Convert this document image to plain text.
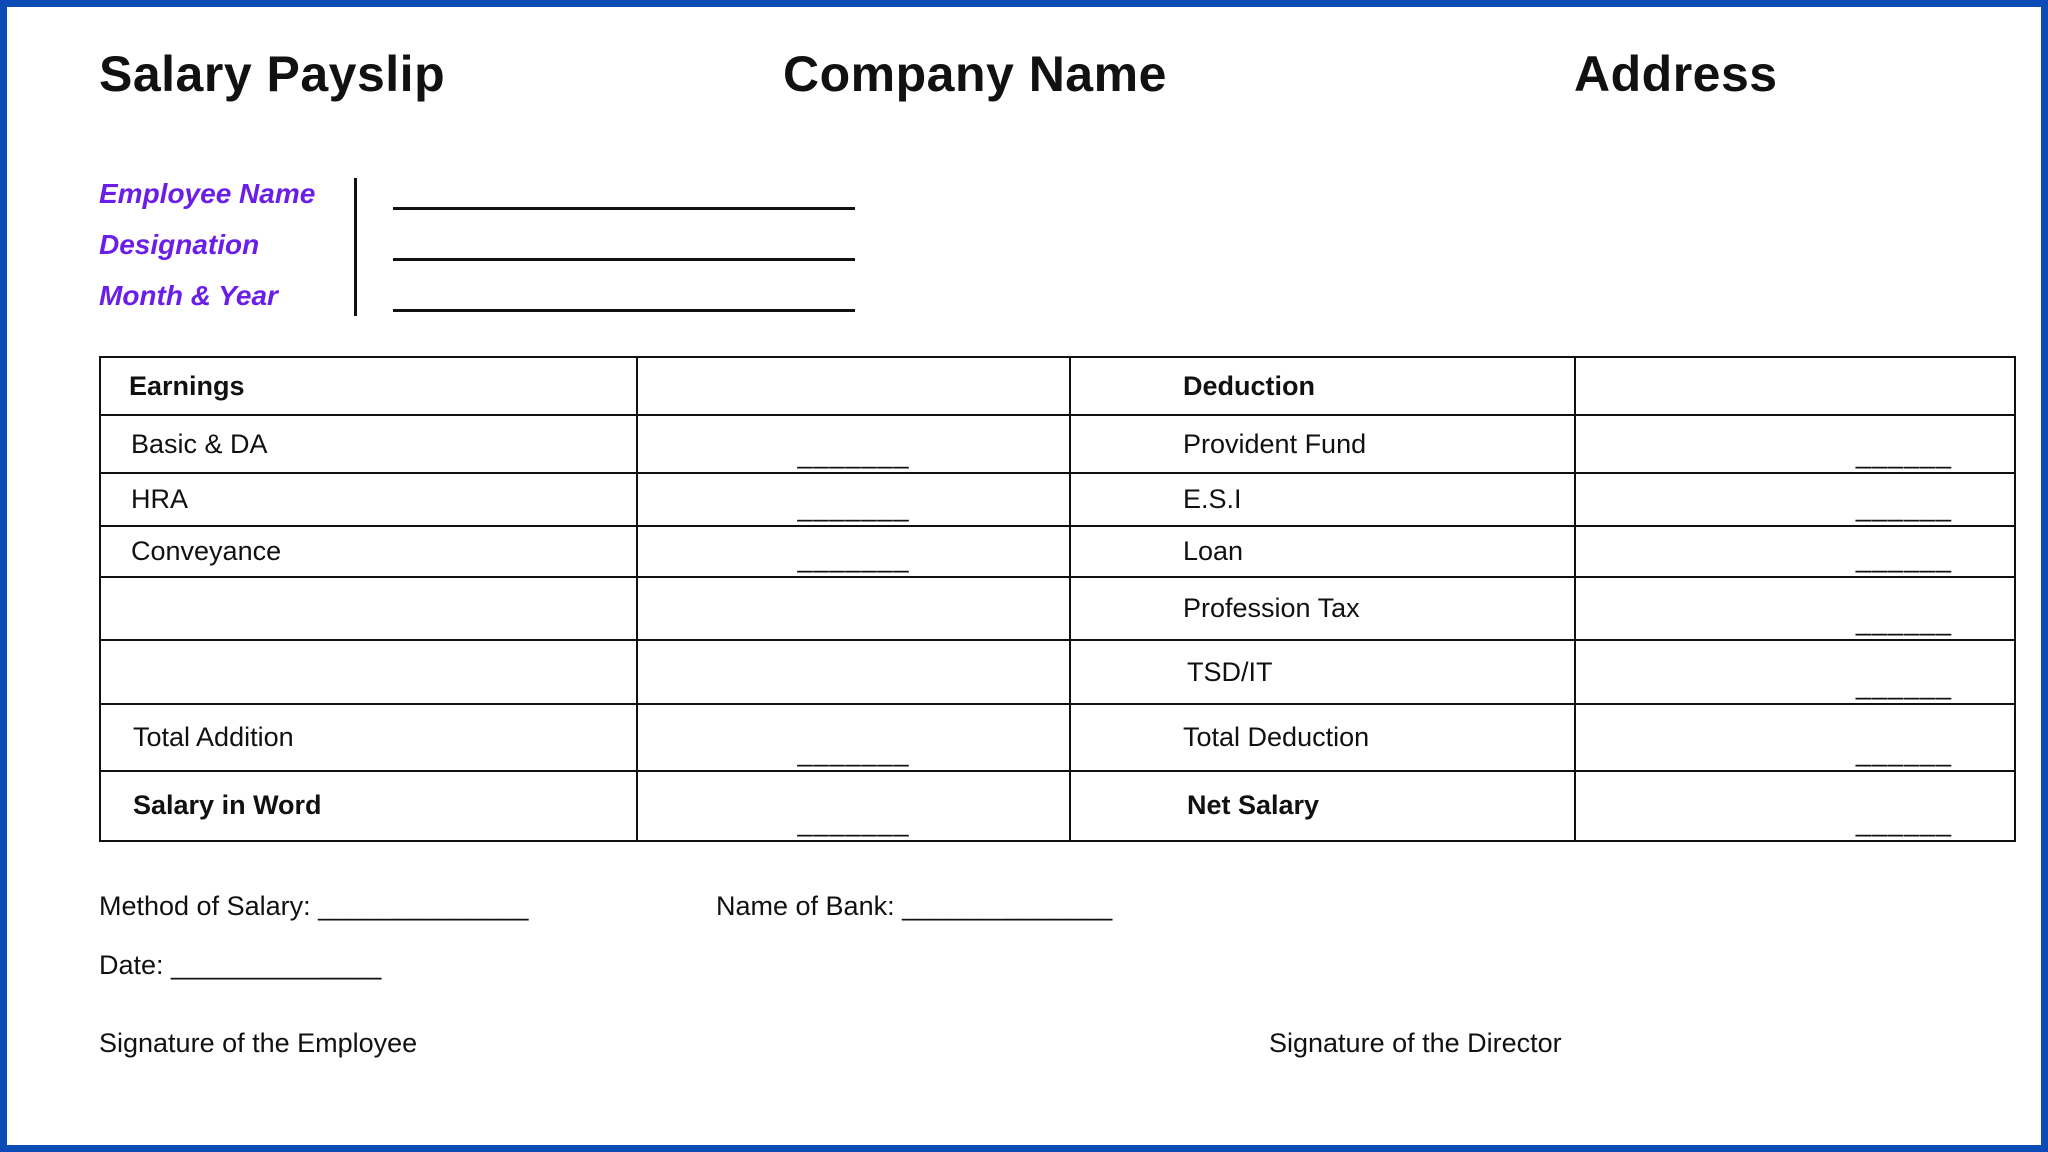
Salary Payslip	Company Name	Address
Employee Name
Designation
Month & Year
Earnings		Deduction	
Basic & DA	_______	Provident Fund	______
HRA	_______	E.S.I	______
Conveyance	_______	Loan	______
		Profession Tax	______
		TSD/IT	______
Total Addition	_______	Total Deduction	______
Salary in Word	_______	Net Salary	______
Method of Salary: ______________	Name of Bank: ______________
Date: ______________
Signature of the Employee	Signature of the Director
